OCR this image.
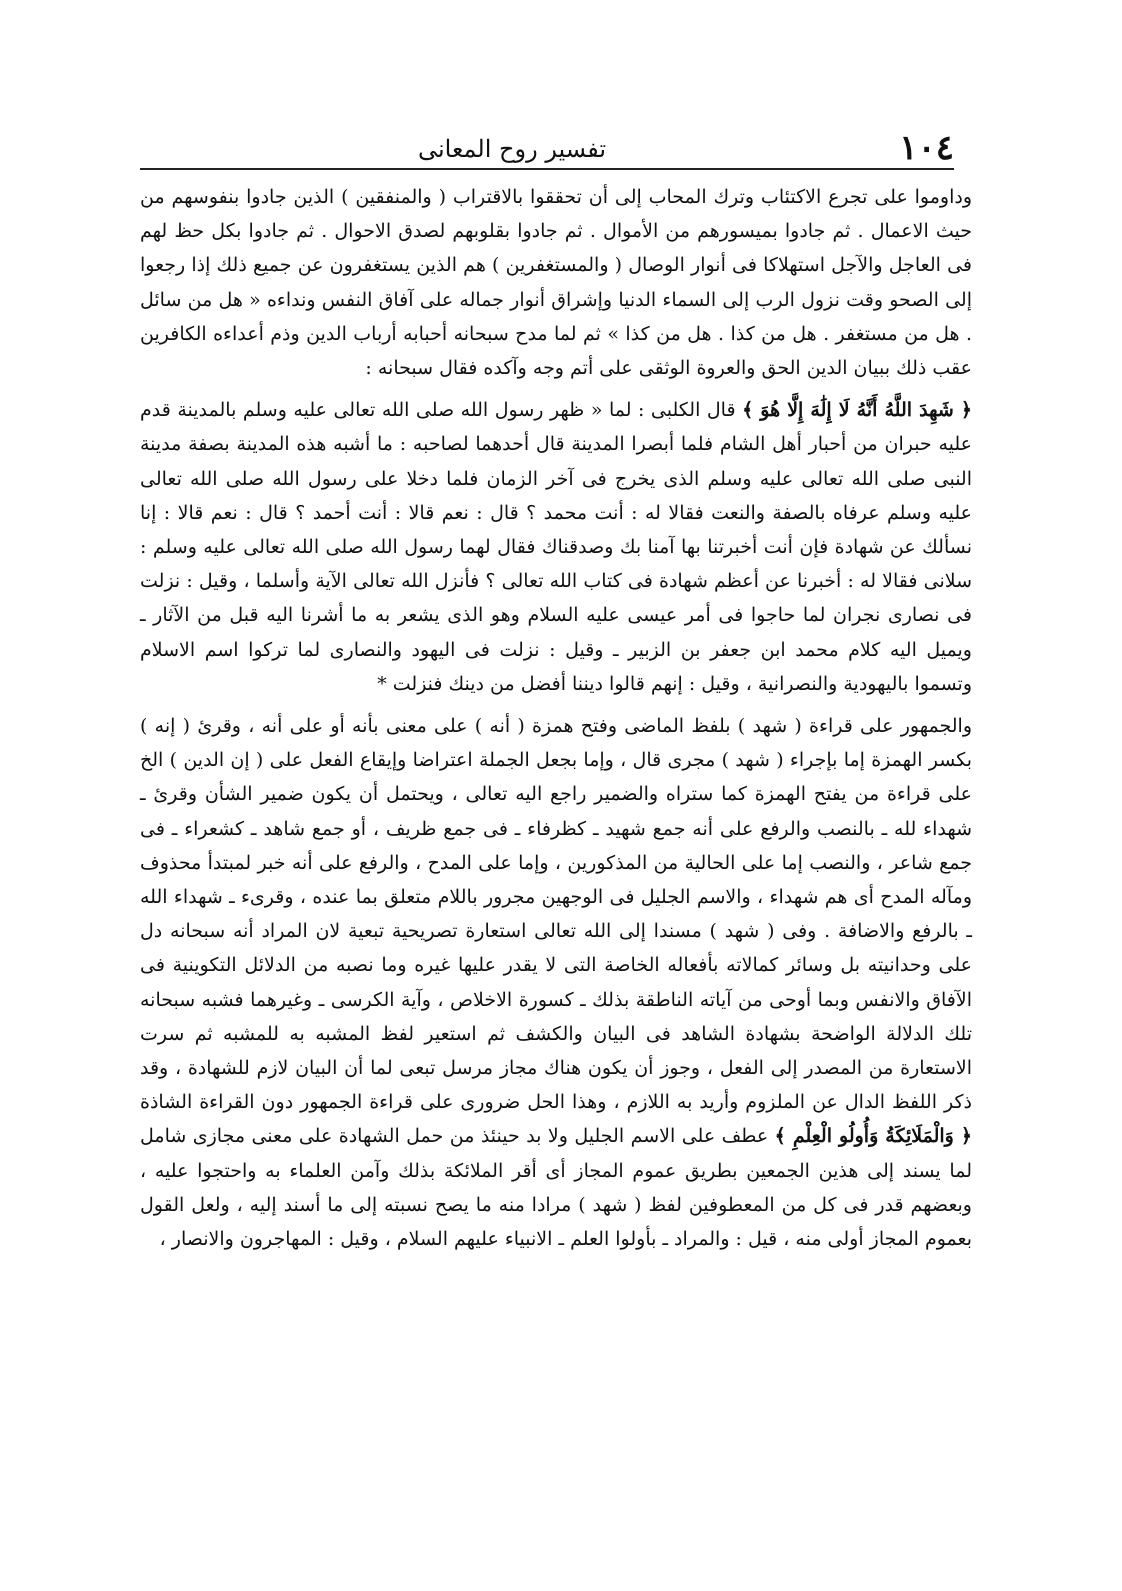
١٠٤
تفسير روح المعانى

وداوموا على تجرع الاكتئاب وترك المحاب إلى أن تحققوا بالاقتراب ( والمنفقين ) الذين جادوا بنفوسهم من حيث الاعمال . ثم جادوا بميسورهم من الأموال . ثم جادوا بقلوبهم لصدق الاحوال . ثم جادوا بكل حظ لهم فى العاجل والآجل استهلاكا فى أنوار الوصال ( والمستغفرين ) هم الذين يستغفرون عن جميع ذلك إذا رجعوا إلى الصحو وقت نزول الرب إلى السماء الدنيا وإشراق أنوار جماله على آفاق النفس ونداءه « هل من سائل . هل من مستغفر . هل من كذا . هل من كذا » ثم لما مدح سبحانه أحبابه أرباب الدين وذم أعداءه الكافرين عقب ذلك ببيان الدين الحق والعروة الوثقى على أتم وجه وآكده فقال سبحانه :

﴿ شَهِدَ اللَّهُ أَنَّهُ لَا إِلَٰهَ إِلَّا هُوَ ﴾ قال الكلبى : لما « ظهر رسول الله صلى الله تعالى عليه وسلم بالمدينة قدم عليه حبران من أحبار أهل الشام فلما أبصرا المدينة قال أحدهما لصاحبه : ما أشبه هذه المدينة بصفة مدينة النبى صلى الله تعالى عليه وسلم الذى يخرج فى آخر الزمان فلما دخلا على رسول الله صلى الله تعالى عليه وسلم عرفاه بالصفة والنعت فقالا له : أنت محمد ؟ قال : نعم قالا : أنت أحمد ؟ قال : نعم قالا : إنا نسألك عن شهادة فإن أنت أخبرتنا بها آمنا بك وصدقناك فقال لهما رسول الله صلى الله تعالى عليه وسلم : سلانى فقالا له : أخبرنا عن أعظم شهادة فى كتاب الله تعالى ؟ فأنزل الله تعالى الآية وأسلما ، وقيل : نزلت فى نصارى نجران لما حاجوا فى أمر عيسى عليه السلام وهو الذى يشعر به ما أشرنا اليه قبل من الآثار ـ ويميل اليه كلام محمد ابن جعفر بن الزبير ـ وقيل : نزلت فى اليهود والنصارى لما تركوا اسم الاسلام وتسموا باليهودية والنصرانية ، وقيل : إنهم قالوا ديننا أفضل من دينك فنزلت *

والجمهور على قراءة ( شهد ) بلفظ الماضى وفتح همزة ( أنه ) على معنى بأنه أو على أنه ، وقرئ ( إنه ) بكسر الهمزة إما بإجراء ( شهد ) مجرى قال ، وإما بجعل الجملة اعتراضا وإيقاع الفعل على ( إن الدين ) الخ على قراءة من يفتح الهمزة كما ستراه والضمير راجع اليه تعالى ، ويحتمل أن يكون ضمير الشأن وقرئ ـ شهداء لله ـ بالنصب والرفع على أنه جمع شهيد ـ كظرفاء ـ فى جمع ظريف ، أو جمع شاهد ـ كشعراء ـ فى جمع شاعر ، والنصب إما على الحالية من المذكورين ، وإما على المدح ، والرفع على أنه خبر لمبتدأ محذوف ومآله المدح أى هم شهداء ، والاسم الجليل فى الوجهين مجرور باللام متعلق بما عنده ، وقرىء ـ شهداء الله ـ بالرفع والاضافة . وفى ( شهد ) مسندا إلى الله تعالى استعارة تصريحية تبعية لان المراد أنه سبحانه دل على وحدانيته بل وسائر كمالاته بأفعاله الخاصة التى لا يقدر عليها غيره وما نصبه من الدلائل التكوينية فى الآفاق والانفس وبما أوحى من آياته الناطقة بذلك ـ كسورة الاخلاص ، وآية الكرسى ـ وغيرهما فشبه سبحانه تلك الدلالة الواضحة بشهادة الشاهد فى البيان والكشف ثم استعير لفظ المشبه به للمشبه ثم سرت الاستعارة من المصدر إلى الفعل ، وجوز أن يكون هناك مجاز مرسل تبعى لما أن البيان لازم للشهادة ، وقد ذكر اللفظ الدال عن الملزوم وأريد به اللازم ، وهذا الحل ضرورى على قراءة الجمهور دون القراءة الشاذة ﴿ وَالْمَلَائِكَةُ وَأُولُو الْعِلْمِ ﴾ عطف على الاسم الجليل ولا بد حينئذ من حمل الشهادة على معنى مجازى شامل لما يسند إلى هذين الجمعين بطريق عموم المجاز أى أقر الملائكة بذلك وآمن العلماء به واحتجوا عليه ، وبعضهم قدر فى كل من المعطوفين لفظ ( شهد ) مرادا منه ما يصح نسبته إلى ما أسند إليه ، ولعل القول بعموم المجاز أولى منه ، قيل : والمراد ـ بأولوا العلم ـ الانبياء عليهم السلام ، وقيل : المهاجرون والانصار ،
